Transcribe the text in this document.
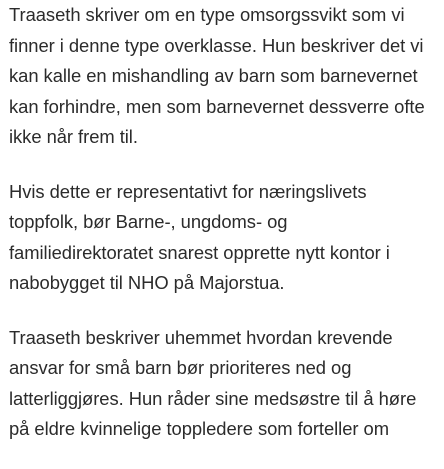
Traaseth skriver om en type omsorgssvikt som vi
finner i denne type overklasse. Hun beskriver det vi
kan kalle en mishandling av barn som barnevernet
kan forhindre, men som barnevernet dessverre ofte
ikke når frem til.

Hvis dette er representativt for næringslivets
toppfolk, bør Barne-, ungdoms- og
familiedirektoratet snarest opprette nytt kontor i
nabobygget til NHO på Majorstua.

Traaseth beskriver uhemmet hvordan krevende
ansvar for små barn bør prioriteres ned og
latterliggjøres. Hun råder sine medsøstre til å høre
på eldre kvinnelige toppledere som forteller om
